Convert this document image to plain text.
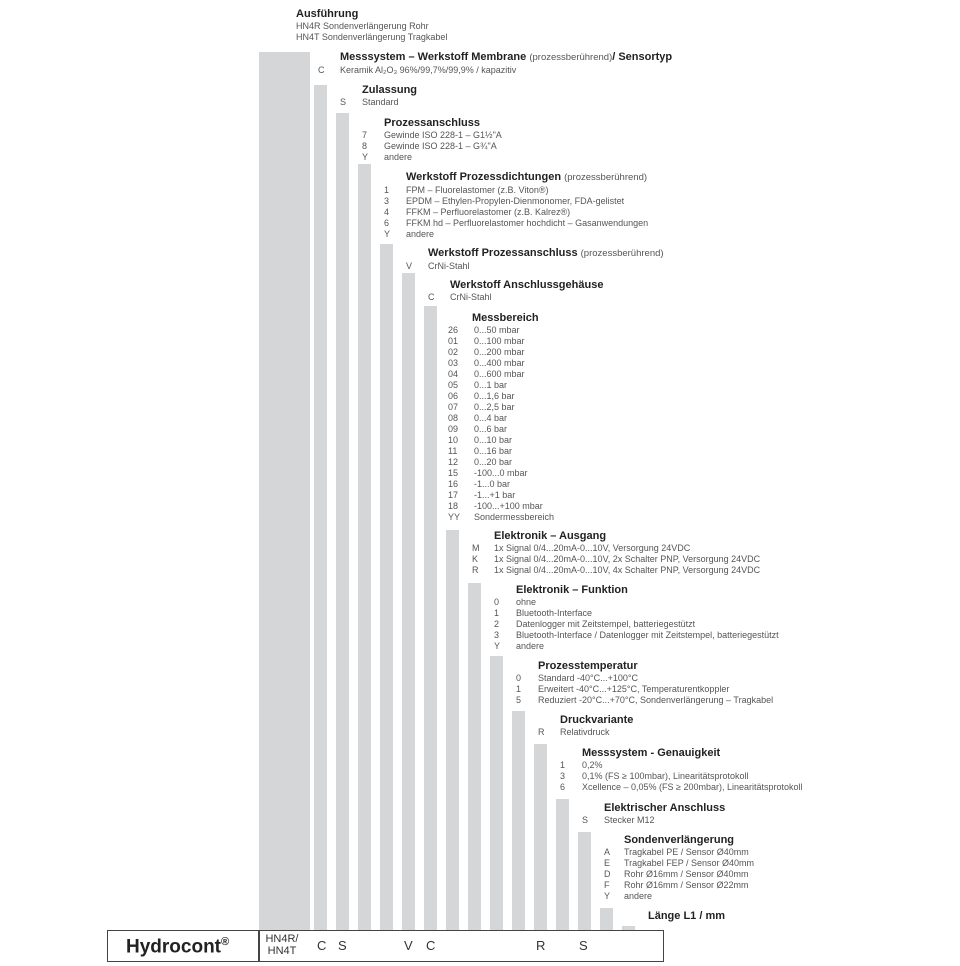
Ausführung
HN4R Sondenverlängerung Rohr
HN4T Sondenverlängerung Tragkabel
Messsystem – Werkstoff Membrane (prozessberührend)/ Sensortyp
C	Keramik Al₂O₃ 96%/99,7%/99,9% / kapazitiv
Zulassung
S	Standard
Prozessanschluss
7	Gewinde ISO 228-1 – G1½"A
8	Gewinde ISO 228-1 – G¾"A
Y	andere
Werkstoff Prozessdichtungen (prozessberührend)
1	FPM – Fluorelastomer (z.B. Viton®)
3	EPDM – Ethylen-Propylen-Dienmonomer, FDA-gelistet
4	FFKM – Perfluorelastomer (z.B. Kalrez®)
6	FFKM hd – Perfluorelastomer hochdicht – Gasanwendungen
Y	andere
Werkstoff Prozessanschluss (prozessberührend)
V	CrNi-Stahl
Werkstoff Anschlussgehäuse
C	CrNi-Stahl
Messbereich
26	0...50 mbar
01	0...100 mbar
02	0...200 mbar
03	0...400 mbar
04	0...600 mbar
05	0...1 bar
06	0...1,6 bar
07	0...2,5 bar
08	0...4 bar
09	0...6 bar
10	0...10 bar
11	0...16 bar
12	0...20 bar
15	-100...0 mbar
16	-1...0 bar
17	-1...+1 bar
18	-100...+100 mbar
YY	Sondermessbereich
Elektronik – Ausgang
M	1x Signal 0/4...20mA-0...10V, Versorgung 24VDC
K	1x Signal 0/4...20mA-0...10V, 2x Schalter PNP, Versorgung 24VDC
R	1x Signal 0/4...20mA-0...10V, 4x Schalter PNP, Versorgung 24VDC
Elektronik – Funktion
0	ohne
1	Bluetooth-Interface
2	Datenlogger mit Zeitstempel, batteriegestützt
3	Bluetooth-Interface / Datenlogger mit Zeitstempel, batteriegestützt
Y	andere
Prozesstemperatur
0	Standard -40°C...+100°C
1	Erweitert -40°C...+125°C, Temperaturentkoppler
5	Reduziert -20°C...+70°C, Sondenverlängerung – Tragkabel
Druckvariante
R	Relativdruck
Messsystem - Genauigkeit
1	0,2%
3	0,1% (FS ≥ 100mbar), Linearitätsprotokoll
6	Xcellence – 0,05% (FS ≥ 200mbar), Linearitätsprotokoll
Elektrischer Anschluss
S	Stecker M12
Sondenverlängerung
A	Tragkabel PE / Sensor Ø40mm
E	Tragkabel FEP / Sensor Ø40mm
D	Rohr Ø16mm / Sensor Ø40mm
F	Rohr Ø16mm / Sensor Ø22mm
Y	andere
Länge L1 / mm
Hydrocont®	HN4R/
HN4T	C S	V C	R	S
